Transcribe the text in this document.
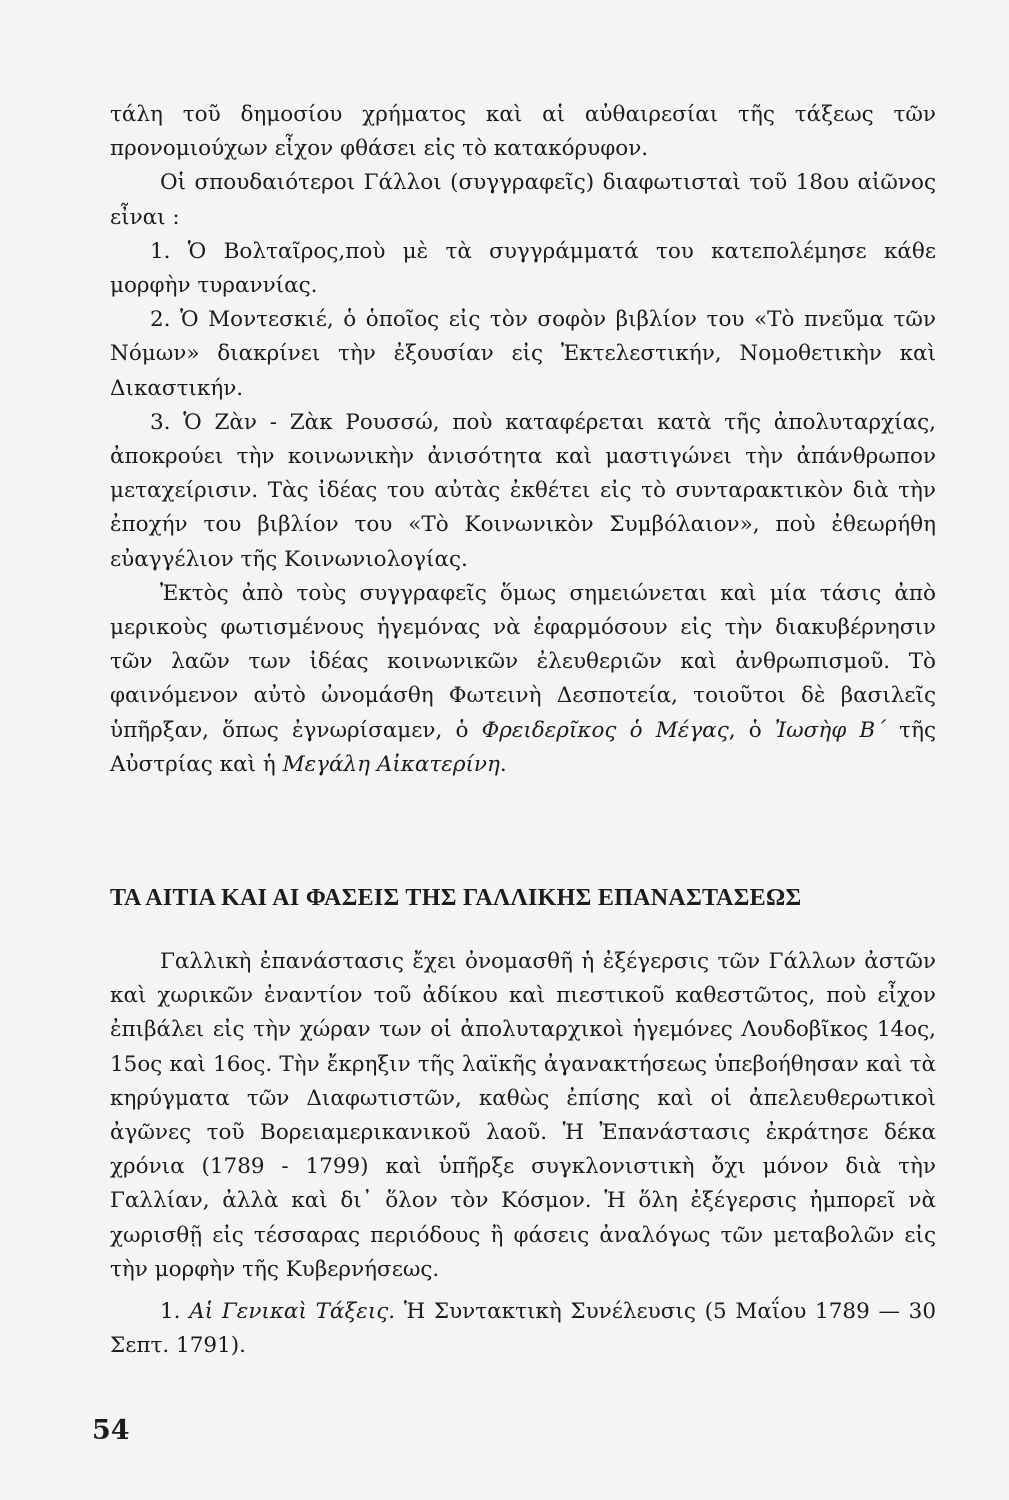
τάλη τοῦ δημοσίου χρήματος καὶ αἱ αὐθαιρεσίαι τῆς τάξεως τῶν προνομιούχων εἶχον φθάσει εἰς τὸ κατακόρυφον.

Οἱ σπουδαιότεροι Γάλλοι (συγγραφεῖς) διαφωτισταὶ τοῦ 18ου αἰῶνος εἶναι :

1. Ὁ Βολταῖρος,ποὺ μὲ τὰ συγγράμματά του κατεπολέμησε κάθε μορφὴν τυραννίας.

2. Ὁ Μοντεσκιέ, ὁ ὁποῖος εἰς τὸν σοφὸν βιβλίον του «Τὸ πνεῦμα τῶν Νόμων» διακρίνει τὴν ἐξουσίαν εἰς Ἐκτελεστικήν, Νομοθετικὴν καὶ Δικαστικήν.

3. Ὁ Ζὰν - Ζὰκ Ρουσσώ, ποὺ καταφέρεται κατὰ τῆς ἀπολυταρχίας, ἀποκρούει τὴν κοινωνικὴν ἀνισότητα καὶ μαστιγώνει τὴν ἀπάνθρωπον μεταχείρισιν. Τὰς ἰδέας του αὐτὰς ἐκθέτει εἰς τὸ συνταρακτικὸν διὰ τὴν ἐποχήν του βιβλίον του «Τὸ Κοινωνικὸν Συμβόλαιον», ποὺ ἐθεωρήθη εὐαγγέλιον τῆς Κοινωνιολογίας.

Ἐκτὸς ἀπὸ τοὺς συγγραφεῖς ὅμως σημειώνεται καὶ μία τάσις ἀπὸ μερικοὺς φωτισμένους ἡγεμόνας νὰ ἐφαρμόσουν εἰς τὴν διακυβέρνησιν τῶν λαῶν των ἰδέας κοινωνικῶν ἐλευθεριῶν καὶ ἀνθρωπισμοῦ. Τὸ φαινόμενον αὐτὸ ὠνομάσθη Φωτεινὴ Δεσποτεία, τοιοῦτοι δὲ βασιλεῖς ὑπῆρξαν, ὅπως ἐγνωρίσαμεν, ὁ Φρειδερῖκος ὁ Μέγας, ὁ Ἰωσὴφ Β΄ τῆς Αὐστρίας καὶ ἡ Μεγάλη Αἰκατερίνη.

ΤΑ ΑΙΤΙΑ ΚΑΙ ΑΙ ΦΑΣΕΙΣ ΤΗΣ ΓΑΛΛΙΚΗΣ ΕΠΑΝΑΣΤΑΣΕΩΣ

Γαλλικὴ ἐπανάστασις ἔχει ὀνομασθῆ ἡ ἐξέγερσις τῶν Γάλλων ἀστῶν καὶ χωρικῶν ἐναντίον τοῦ ἀδίκου καὶ πιεστικοῦ καθεστῶτος, ποὺ εἶχον ἐπιβάλει εἰς τὴν χώραν των οἱ ἀπολυταρχικοὶ ἡγεμόνες Λουδοβῖκος 14ος, 15ος καὶ 16ος. Τὴν ἔκρηξιν τῆς λαϊκῆς ἀγανακτήσεως ὑπεβοήθησαν καὶ τὰ κηρύγματα τῶν Διαφωτιστῶν, καθὼς ἐπίσης καὶ οἱ ἀπελευθερωτικοὶ ἀγῶνες τοῦ Βορειαμερικανικοῦ λαοῦ. Ἡ Ἐπανάστασις ἐκράτησε δέκα χρόνια (1789 - 1799) καὶ ὑπῆρξε συγκλονιστικὴ ὄχι μόνον διὰ τὴν Γαλλίαν, ἀλλὰ καὶ δι᾽ ὅλον τὸν Κόσμον. Ἡ ὅλη ἐξέγερσις ἠμπορεῖ νὰ χωρισθῇ εἰς τέσσαρας περιόδους ἢ φάσεις ἀναλόγως τῶν μεταβολῶν εἰς τὴν μορφὴν τῆς Κυβερνήσεως.

1. Αἱ Γενικαὶ Τάξεις. Ἡ Συντακτικὴ Συνέλευσις (5 Μαΐου 1789 — 30 Σεπτ. 1791).

54
